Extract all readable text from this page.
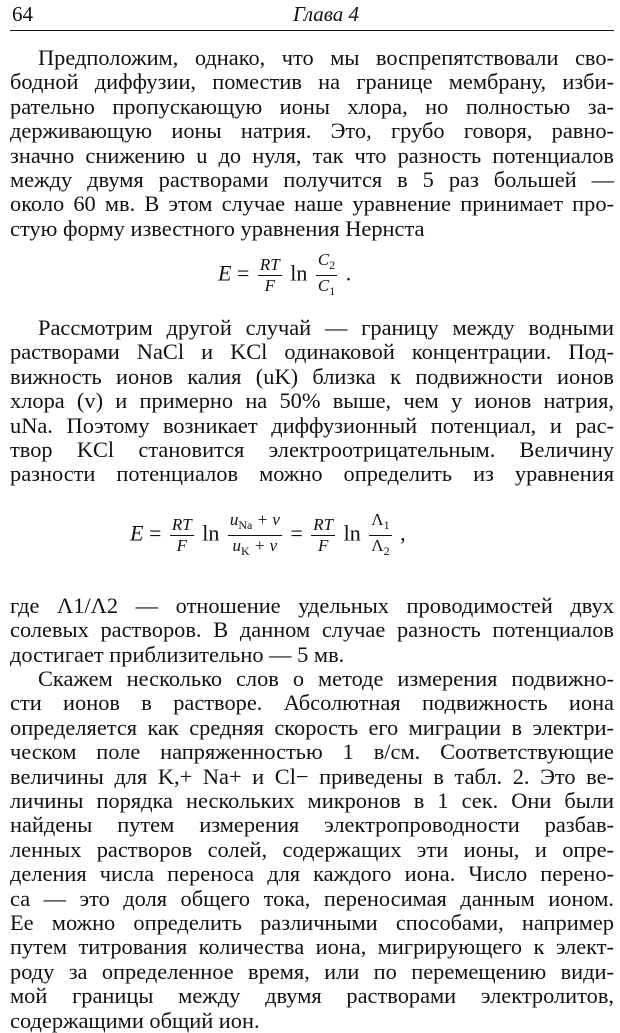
64	Глава 4
Предположим, однако, что мы воспрепятствовали сво-
бодной диффузии, поместив на границе мембрану, изби-
рательно пропускающую ионы хлора, но полностью за-
держивающую ионы натрия. Это, грубо говоря, равно-
значно снижению u до нуля, так что разность потенциалов
между двумя растворами получится в 5 раз большей —
около 60 мв. В этом случае наше уравнение принимает про-
стую форму известного уравнения Нернста
$E = \frac{RT}{F}$ $\ln \frac{C_2}{C_1}$ .
Рассмотрим другой случай — границу между водными
растворами NaCl и KCl одинаковой концентрации. Под-
вижность ионов калия (uK) близка к подвижности ионов
хлора (v) и примерно на 50% выше, чем у ионов натрия,
uNa. Поэтому возникает диффузионный потенциал, и рас-
твор KCl становится электроотрицательным. Величину
разности потенциалов можно определить из уравнения
$E = \frac{RT}{F}$ $\ln \frac{u_{Na} + v}{u_K + v} = \frac{RT}{F}$ $\ln \frac{\Lambda_1}{\Lambda_2}$ ,
где Λ1/Λ2 — отношение удельных проводимостей двух
солевых растворов. В данном случае разность потенциалов
достигает приблизительно — 5 мв.
Скажем несколько слов о методе измерения подвижно-
сти ионов в растворе. Абсолютная подвижность иона
определяется как средняя скорость его миграции в электри-
ческом поле напряженностью 1 в/см. Соответствующие
величины для K,+ Na+ и Cl− приведены в табл. 2. Это ве-
личины порядка нескольких микронов в 1 сек. Они были
найдены путем измерения электропроводности разбав-
ленных растворов солей, содержащих эти ионы, и опре-
деления числа переноса для каждого иона. Число перено-
са — это доля общего тока, переносимая данным ионом.
Ее можно определить различными способами, например
путем титрования количества иона, мигрирующего к элект-
роду за определенное время, или по перемещению види-
мой границы между двумя растворами электролитов,
содержащими общий ион.
